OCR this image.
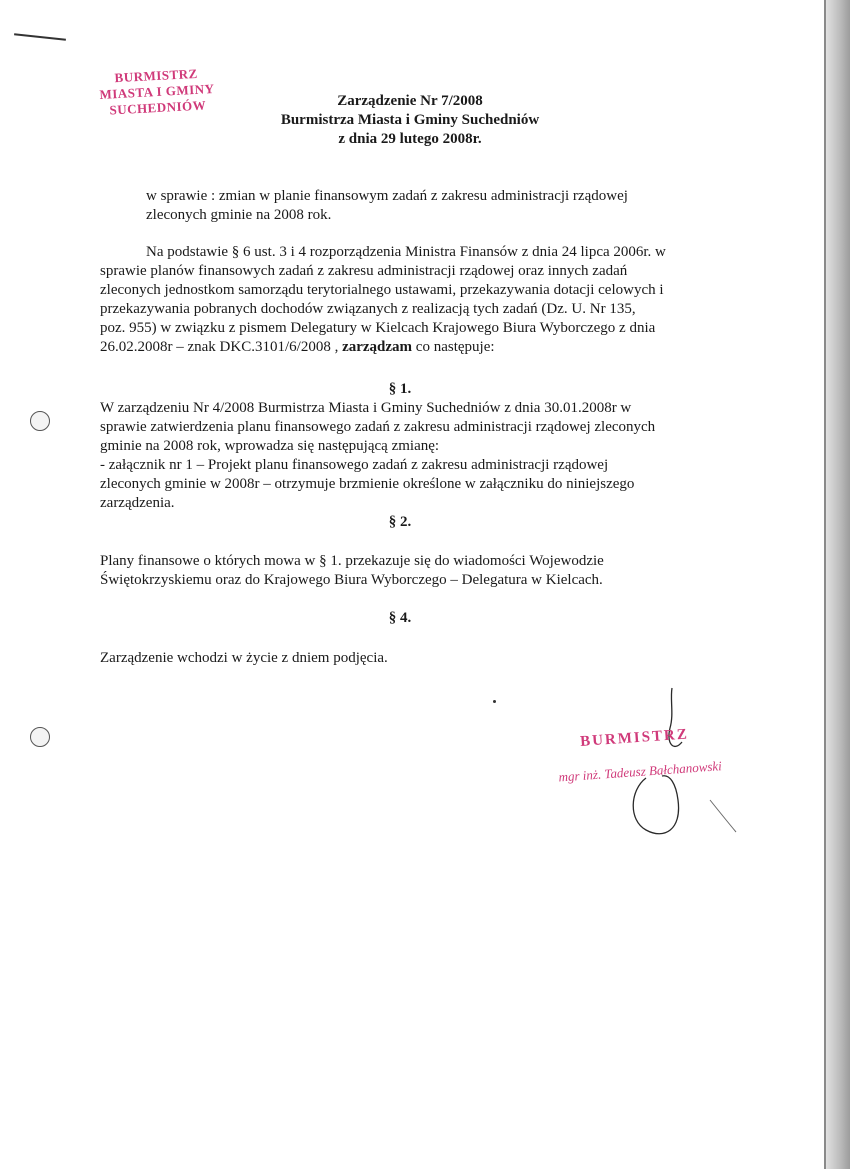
BURMISTRZ
MIASTA I GMINY
SUCHEDNIÓW	Zarządzenie Nr 7/2008
Burmistrza Miasta i Gminy Suchedniów
z dnia 29 lutego 2008r.
w sprawie : zmian w planie finansowym zadań z zakresu administracji rządowej
zleconych gminie na 2008 rok.
Na podstawie § 6 ust. 3 i 4 rozporządzenia Ministra Finansów z dnia 24 lipca 2006r. w
sprawie planów finansowych zadań z zakresu administracji rządowej oraz innych zadań
zleconych jednostkom samorządu terytorialnego ustawami, przekazywania dotacji celowych i
przekazywania pobranych dochodów związanych z realizacją tych zadań (Dz. U. Nr 135,
poz. 955) w związku z pismem Delegatury w Kielcach Krajowego Biura Wyborczego z dnia
26.02.2008r – znak DKC.3101/6/2008 , zarządzam co następuje:
§ 1.
W zarządzeniu Nr 4/2008 Burmistrza Miasta i Gminy Suchedniów z dnia 30.01.2008r w
sprawie zatwierdzenia planu finansowego zadań z zakresu administracji rządowej zleconych
gminie na 2008 rok, wprowadza się następującą zmianę:
- załącznik nr 1 – Projekt planu finansowego zadań z zakresu administracji rządowej
zleconych gminie w 2008r – otrzymuje brzmienie określone w załączniku do niniejszego
zarządzenia.
§ 2.
Plany finansowe o których mowa w § 1. przekazuje się do wiadomości Wojewodzie
Świętokrzyskiemu oraz do Krajowego Biura Wyborczego – Delegatura w Kielcach.
§ 4.
Zarządzenie wchodzi w życie z dniem podjęcia.
BURMISTRZ
mgr inż. Tadeusz Bałchanowski
